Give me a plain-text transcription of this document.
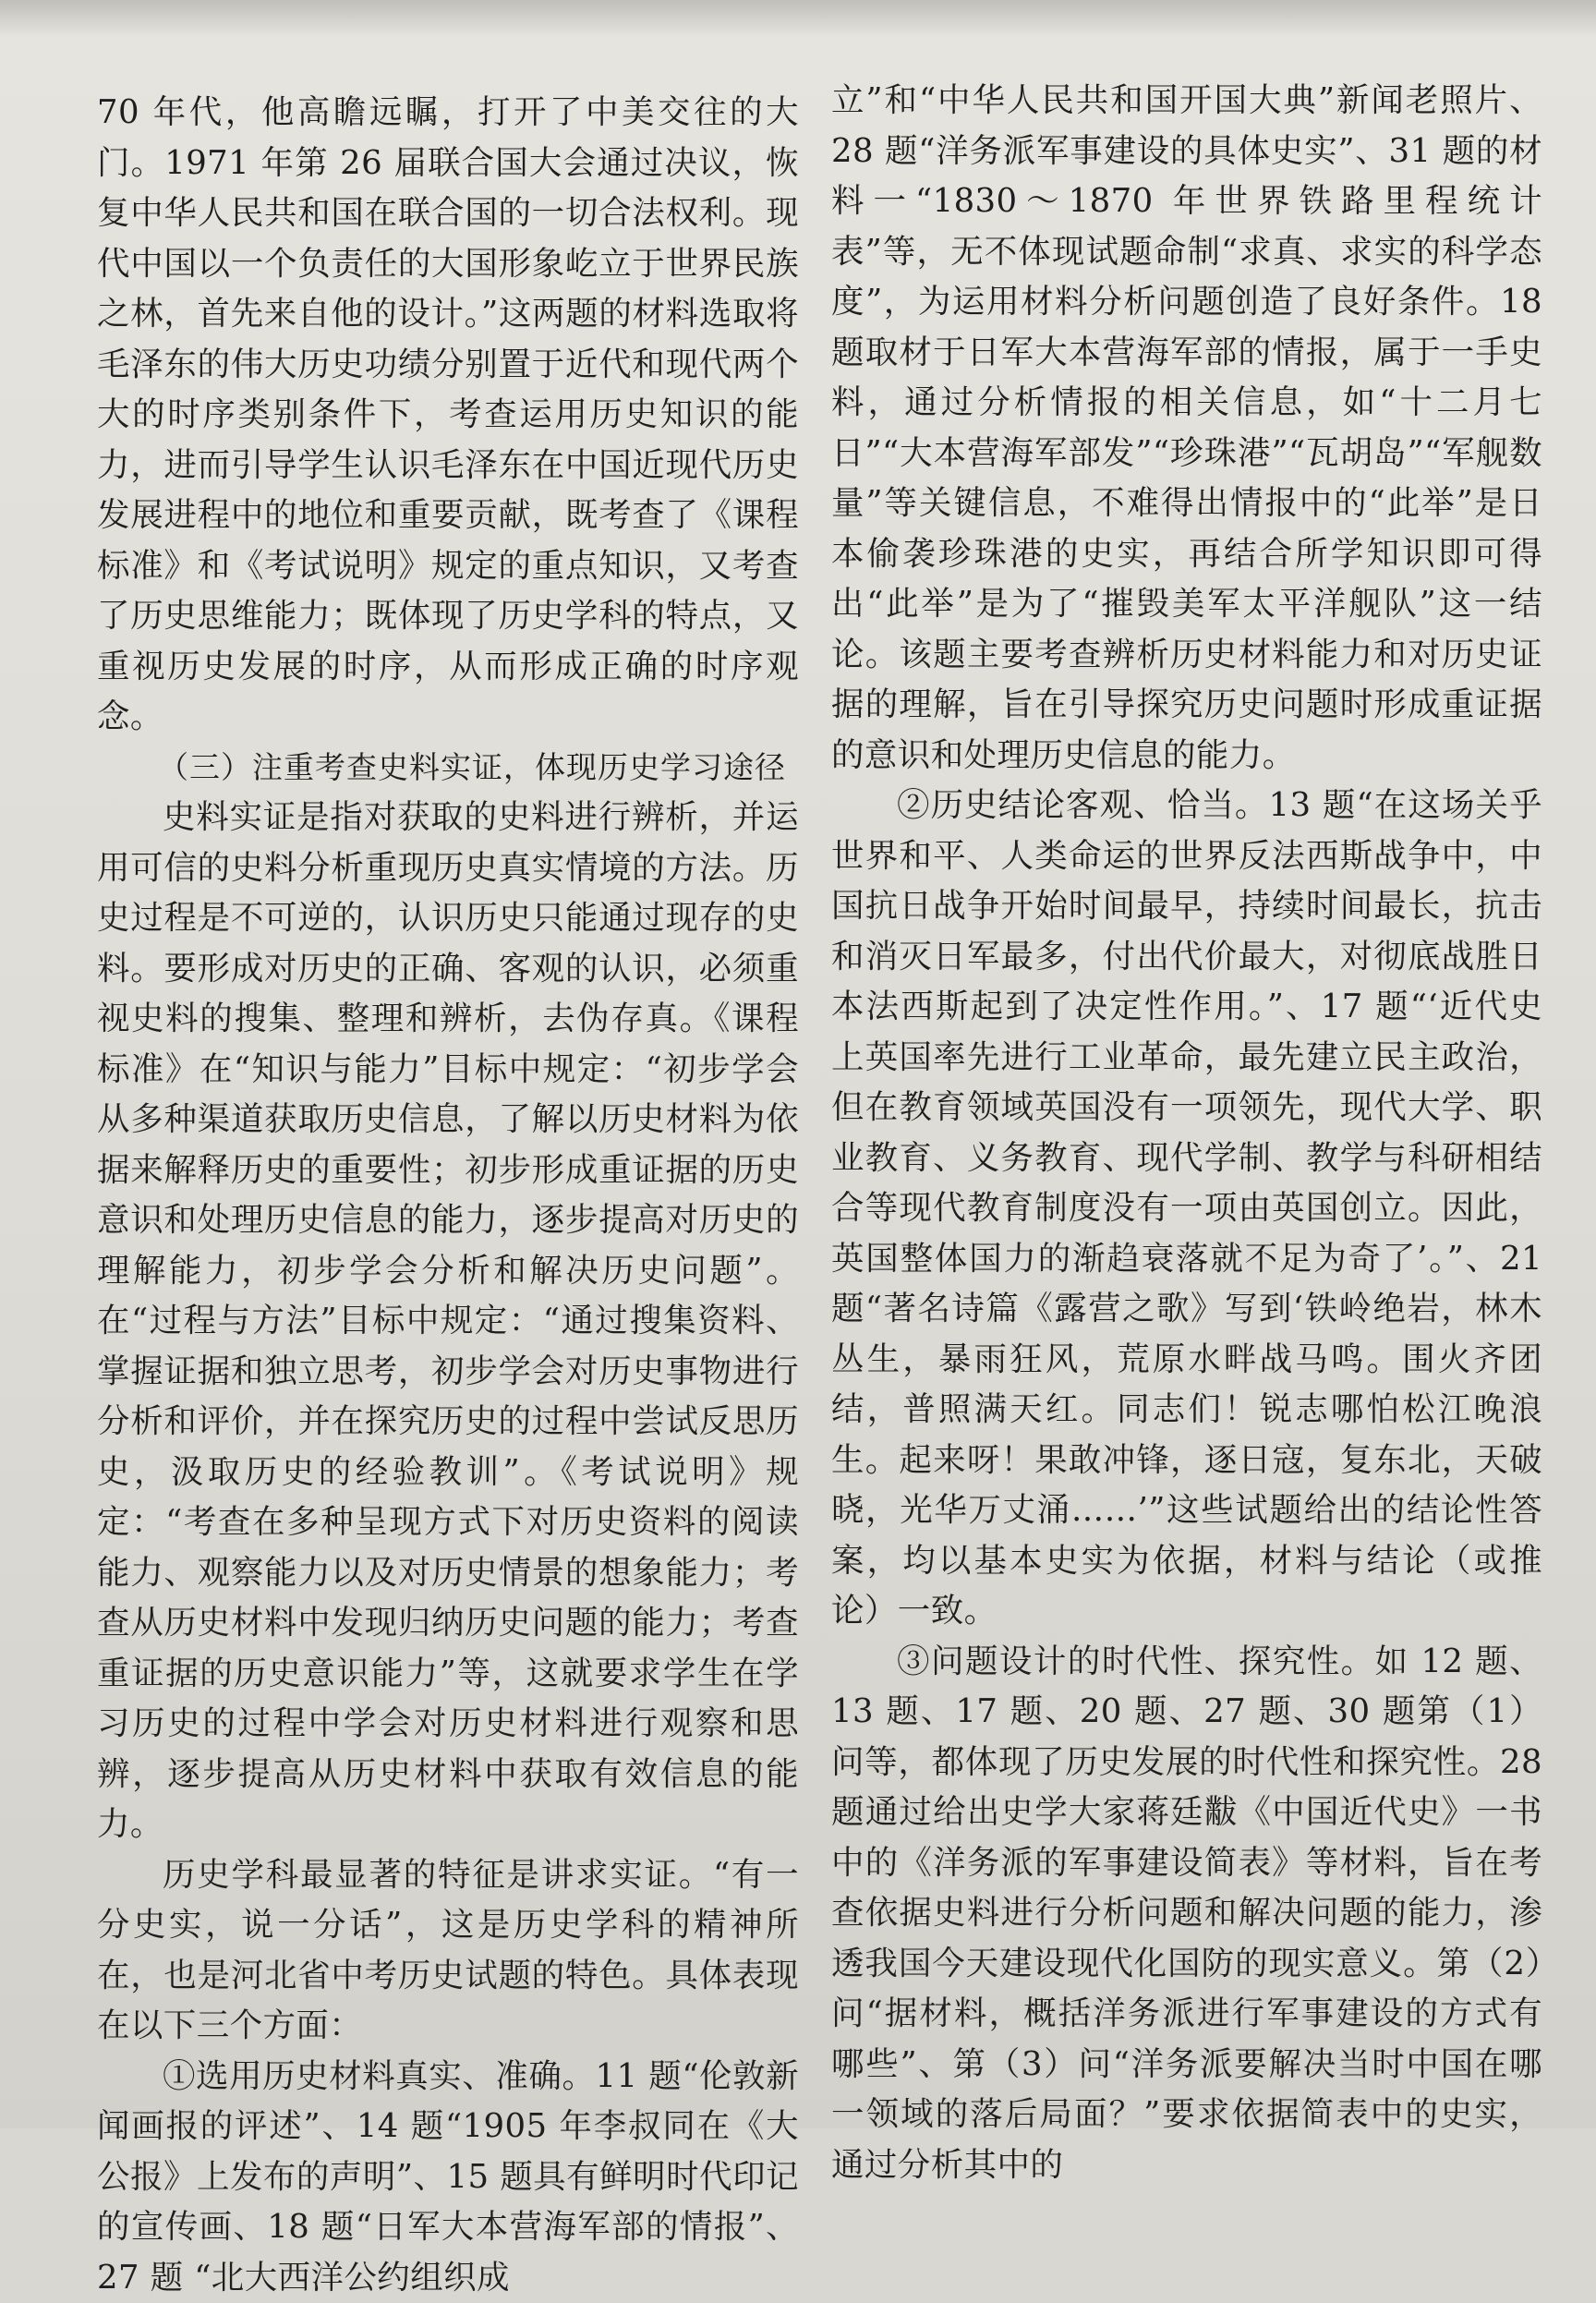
70 年代，他高瞻远瞩，打开了中美交往的大门。1971 年第 26 届联合国大会通过决议，恢复中华人民共和国在联合国的一切合法权利。现代中国以一个负责任的大国形象屹立于世界民族之林，首先来自他的设计。”这两题的材料选取将毛泽东的伟大历史功绩分别置于近代和现代两个大的时序类别条件下，考查运用历史知识的能力，进而引导学生认识毛泽东在中国近现代历史发展进程中的地位和重要贡献，既考查了《课程标准》和《考试说明》规定的重点知识，又考查了历史思维能力；既体现了历史学科的特点，又重视历史发展的时序，从而形成正确的时序观念。

（三）注重考查史料实证，体现历史学习途径

史料实证是指对获取的史料进行辨析，并运用可信的史料分析重现历史真实情境的方法。历史过程是不可逆的，认识历史只能通过现存的史料。要形成对历史的正确、客观的认识，必须重视史料的搜集、整理和辨析，去伪存真。《课程标准》在“知识与能力”目标中规定：“初步学会从多种渠道获取历史信息，了解以历史材料为依据来解释历史的重要性；初步形成重证据的历史意识和处理历史信息的能力，逐步提高对历史的理解能力，初步学会分析和解决历史问题”。在“过程与方法”目标中规定：“通过搜集资料、掌握证据和独立思考，初步学会对历史事物进行分析和评价，并在探究历史的过程中尝试反思历史，汲取历史的经验教训”。《考试说明》规定：“考查在多种呈现方式下对历史资料的阅读能力、观察能力以及对历史情景的想象能力；考查从历史材料中发现归纳历史问题的能力；考查重证据的历史意识能力”等，这就要求学生在学习历史的过程中学会对历史材料进行观察和思辨，逐步提高从历史材料中获取有效信息的能力。

历史学科最显著的特征是讲求实证。“有一分史实，说一分话”，这是历史学科的精神所在，也是河北省中考历史试题的特色。具体表现在以下三个方面：

①选用历史材料真实、准确。11 题“伦敦新闻画报的评述”、14 题“1905 年李叔同在《大公报》上发布的声明”、15 题具有鲜明时代印记的宣传画、18 题“日军大本营海军部的情报”、27 题 “北大西洋公约组织成

立”和“中华人民共和国开国大典”新闻老照片、28 题“洋务派军事建设的具体史实”、31 题的材料一“1830～1870 年世界铁路里程统计表”等，无不体现试题命制“求真、求实的科学态度”，为运用材料分析问题创造了良好条件。18 题取材于日军大本营海军部的情报，属于一手史料，通过分析情报的相关信息，如“十二月七日”“大本营海军部发”“珍珠港”“瓦胡岛”“军舰数量”等关键信息，不难得出情报中的“此举”是日本偷袭珍珠港的史实，再结合所学知识即可得出“此举”是为了“摧毁美军太平洋舰队”这一结论。该题主要考查辨析历史材料能力和对历史证据的理解，旨在引导探究历史问题时形成重证据的意识和处理历史信息的能力。

②历史结论客观、恰当。13 题“在这场关乎世界和平、人类命运的世界反法西斯战争中，中国抗日战争开始时间最早，持续时间最长，抗击和消灭日军最多，付出代价最大，对彻底战胜日本法西斯起到了决定性作用。”、17 题“‘近代史上英国率先进行工业革命，最先建立民主政治，但在教育领域英国没有一项领先，现代大学、职业教育、义务教育、现代学制、教学与科研相结合等现代教育制度没有一项由英国创立。因此，英国整体国力的渐趋衰落就不足为奇了’。”、21 题“著名诗篇《露营之歌》写到‘铁岭绝岩，林木丛生，暴雨狂风，荒原水畔战马鸣。围火齐团结，普照满天红。同志们！锐志哪怕松江晚浪生。起来呀！果敢冲锋，逐日寇，复东北，天破晓，光华万丈涌……’”这些试题给出的结论性答案，均以基本史实为依据，材料与结论（或推论）一致。

③问题设计的时代性、探究性。如 12 题、13 题、17 题、20 题、27 题、30 题第（1）问等，都体现了历史发展的时代性和探究性。28 题通过给出史学大家蒋廷黻《中国近代史》一书中的《洋务派的军事建设简表》等材料，旨在考查依据史料进行分析问题和解决问题的能力，渗透我国今天建设现代化国防的现实意义。第（2）问“据材料，概括洋务派进行军事建设的方式有哪些”、第（3）问“洋务派要解决当时中国在哪一领域的落后局面？”要求依据简表中的史实，通过分析其中的
